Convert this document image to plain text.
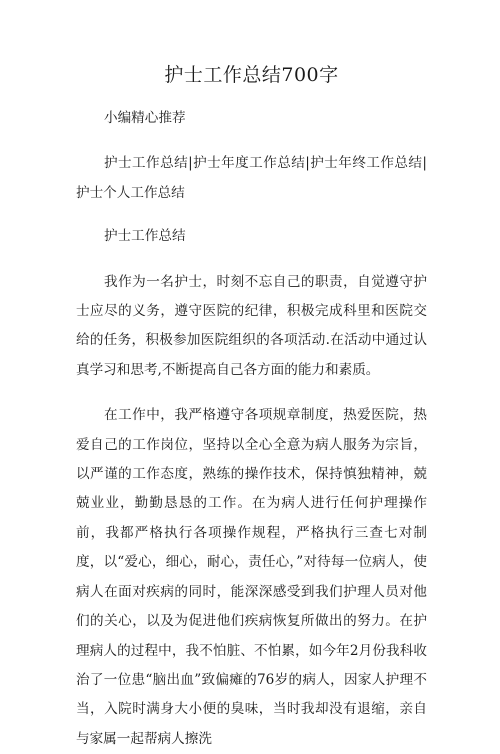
护士工作总结700字

小编精心推荐

护士工作总结|护士年度工作总结|护士年终工作总结|护士个人工作总结

护士工作总结

我作为一名护士，时刻不忘自己的职责，自觉遵守护士应尽的义务，遵守医院的纪律，积极完成科里和医院交给的任务，积极参加医院组织的各项活动.在活动中通过认真学习和思考,不断提高自己各方面的能力和素质。

在工作中，我严格遵守各项规章制度，热爱医院，热爱自己的工作岗位，坚持以全心全意为病人服务为宗旨，以严谨的工作态度，熟练的操作技术，保持慎独精神，兢兢业业，勤勤恳恳的工作。在为病人进行任何护理操作前，我都严格执行各项操作规程，严格执行三查七对制度，以“爱心，细心，耐心，责任心，”对待每一位病人，使病人在面对疾病的同时，能深深感受到我们护理人员对他们的关心，以及为促进他们疾病恢复所做出的努力。在护理病人的过程中，我不怕脏、不怕累，如今年2月份我科收治了一位患“脑出血”致偏瘫的76岁的病人，因家人护理不当，入院时满身大小便的臭味，当时我却没有退缩，亲自与家属一起帮病人擦洗
